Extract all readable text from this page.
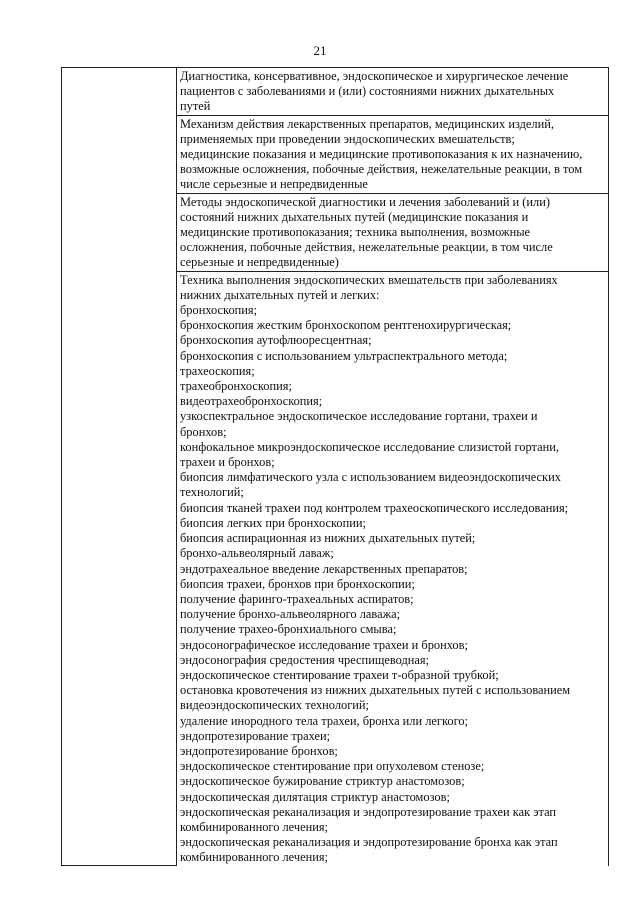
21

Диагностика, консервативное, эндоскопическое и хирургическое лечение
пациентов с заболеваниями и (или) состояниями нижних дыхательных
путей

Механизм действия лекарственных препаратов, медицинских изделий,
применяемых при проведении эндоскопических вмешательств;
медицинские показания и медицинские противопоказания к их назначению,
возможные осложнения, побочные действия, нежелательные реакции, в том
числе серьезные и непредвиденные

Методы эндоскопической диагностики и лечения заболеваний и (или)
состояний нижних дыхательных путей (медицинские показания и
медицинские противопоказания; техника выполнения, возможные
осложнения, побочные действия, нежелательные реакции, в том числе
серьезные и непредвиденные)

Техника выполнения эндоскопических вмешательств при заболеваниях
нижних дыхательных путей и легких:
бронхоскопия;
бронхоскопия жестким бронхоскопом рентгенохирургическая;
бронхоскопия аутофлюоресцентная;
бронхоскопия с использованием ультраспектрального метода;
трахеоскопия;
трахеобронхоскопия;
видеотрахеобронхоскопия;
узкоспектральное эндоскопическое исследование гортани, трахеи и
бронхов;
конфокальное микроэндоскопическое исследование слизистой гортани,
трахеи и бронхов;
биопсия лимфатического узла с использованием видеоэндоскопических
технологий;
биопсия тканей трахеи под контролем трахеоскопического исследования;
биопсия легких при бронхоскопии;
биопсия аспирационная из нижних дыхательных путей;
бронхо-альвеолярный лаваж;
эндотрахеальное введение лекарственных препаратов;
биопсия трахеи, бронхов при бронхоскопии;
получение фаринго-трахеальных аспиратов;
получение бронхо-альвеолярного лаважа;
получение трахео-бронхиального смыва;
эндосонографическое исследование трахеи и бронхов;
эндосонография средостения чреспищеводная;
эндоскопическое стентирование трахеи т-образной трубкой;
остановка кровотечения из нижних дыхательных путей с использованием
видеоэндоскопических технологий;
удаление инородного тела трахеи, бронха или легкого;
эндопротезирование трахеи;
эндопротезирование бронхов;
эндоскопическое стентирование при опухолевом стенозе;
эндоскопическое бужирование стриктур анастомозов;
эндоскопическая дилятация стриктур анастомозов;
эндоскопическая реканализация и эндопротезирование трахеи как этап
комбинированного лечения;
эндоскопическая реканализация и эндопротезирование бронха как этап
комбинированного лечения;
